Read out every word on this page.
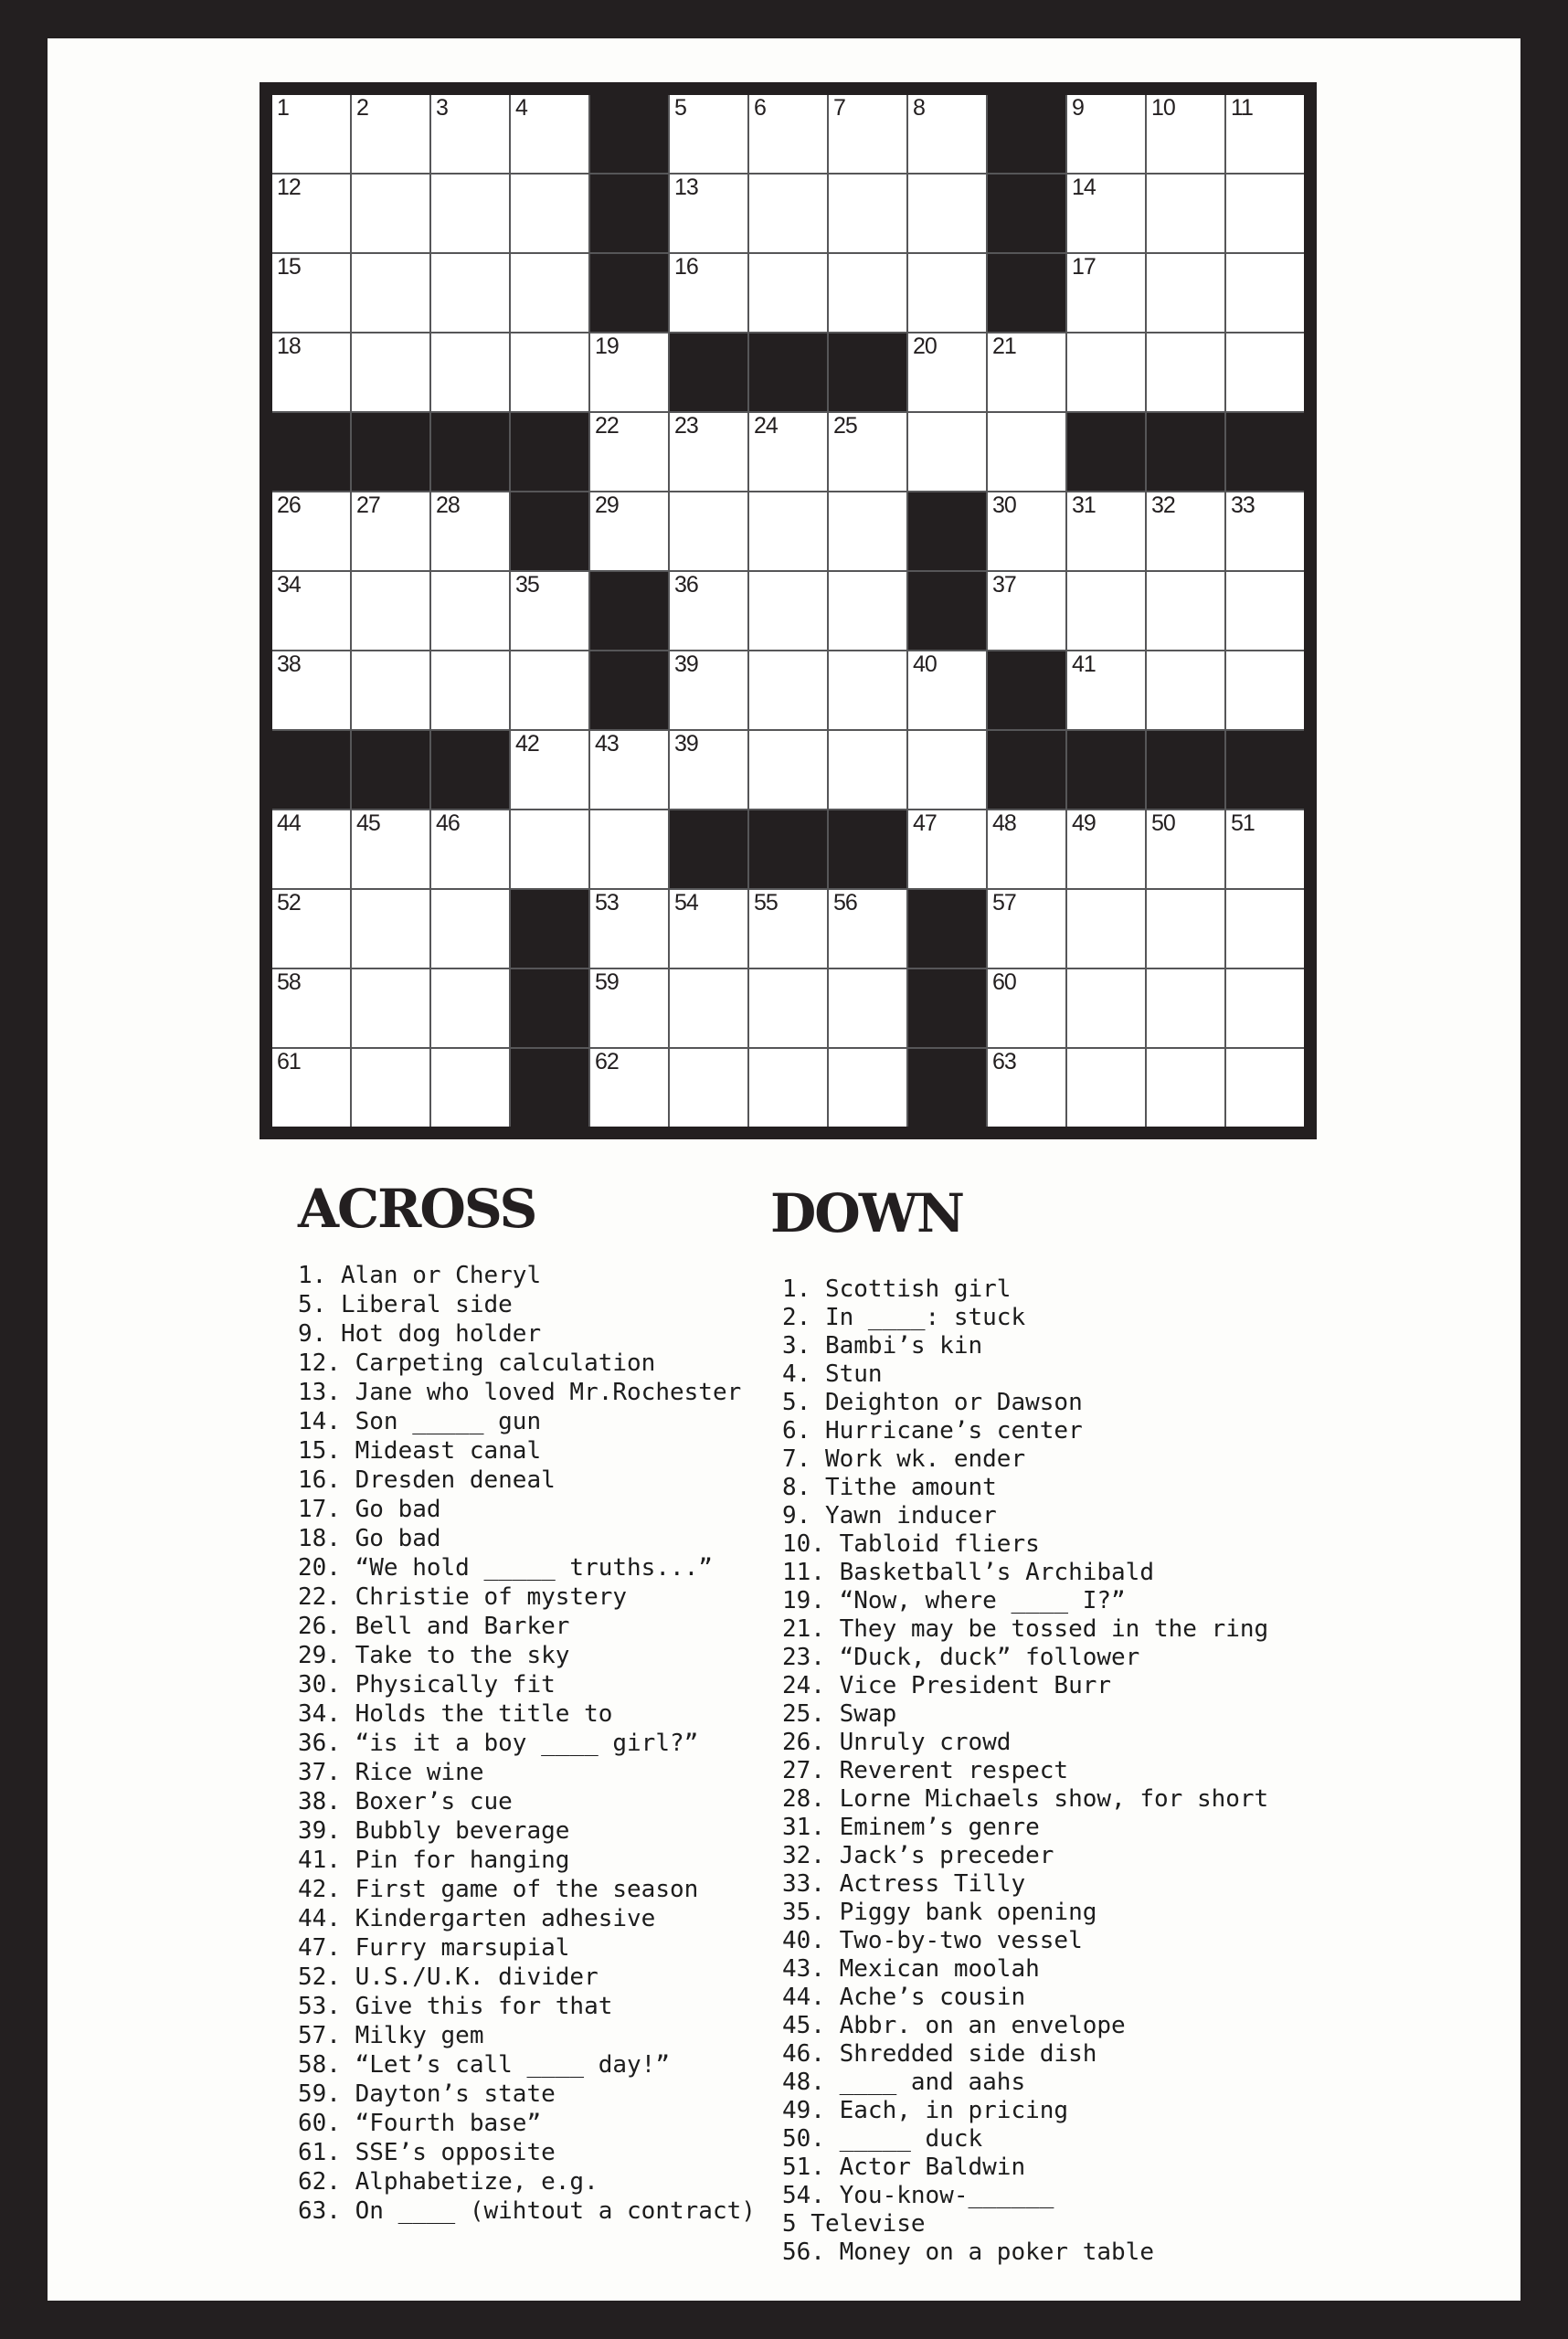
1	2	3	4	5	6	7	8	9	10 11
12	13	14
15	16	17
18	19	20 21
22 23 24 25
26 27 28	29	30 31 32 33
34	35	36	37
38	39	40	41
42 43 39
44 45 46	47 48 49 50 51
52	53 54 55 56	57
58	59	60
61	62	63
ACROSS	DOWN
1. Alan or Cheryl
5. Liberal side
9. Hot dog holder
12. Carpeting calculation
13. Jane who loved Mr.Rochester
14. Son _____ gun
15. Mideast canal
16. Dresden deneal
17. Go bad
18. Go bad
20. “We hold _____ truths...”
22. Christie of mystery
26. Bell and Barker
29. Take to the sky
30. Physically fit
34. Holds the title to
36. “is it a boy ____ girl?”
37. Rice wine
38. Boxer’s cue
39. Bubbly beverage
41. Pin for hanging
42. First game of the season
44. Kindergarten adhesive
47. Furry marsupial
52. U.S./U.K. divider
53. Give this for that
57. Milky gem
58. “Let’s call ____ day!”
59. Dayton’s state
60. “Fourth base”
61. SSE’s opposite
62. Alphabetize, e.g.
63. On ____ (wihtout a contract)
1. Scottish girl
2. In ____: stuck
3. Bambi’s kin
4. Stun
5. Deighton or Dawson
6. Hurricane’s center
7. Work wk. ender
8. Tithe amount
9. Yawn inducer
10. Tabloid fliers
11. Basketball’s Archibald
19. “Now, where ____ I?”
21. They may be tossed in the ring
23. “Duck, duck” follower
24. Vice President Burr
25. Swap
26. Unruly crowd
27. Reverent respect
28. Lorne Michaels show, for short
31. Eminem’s genre
32. Jack’s preceder
33. Actress Tilly
35. Piggy bank opening
40. Two-by-two vessel
43. Mexican moolah
44. Ache’s cousin
45. Abbr. on an envelope
46. Shredded side dish
48. ____ and aahs
49. Each, in pricing
50. _____ duck
51. Actor Baldwin
54. You-know-______
5 Televise
56. Money on a poker table
